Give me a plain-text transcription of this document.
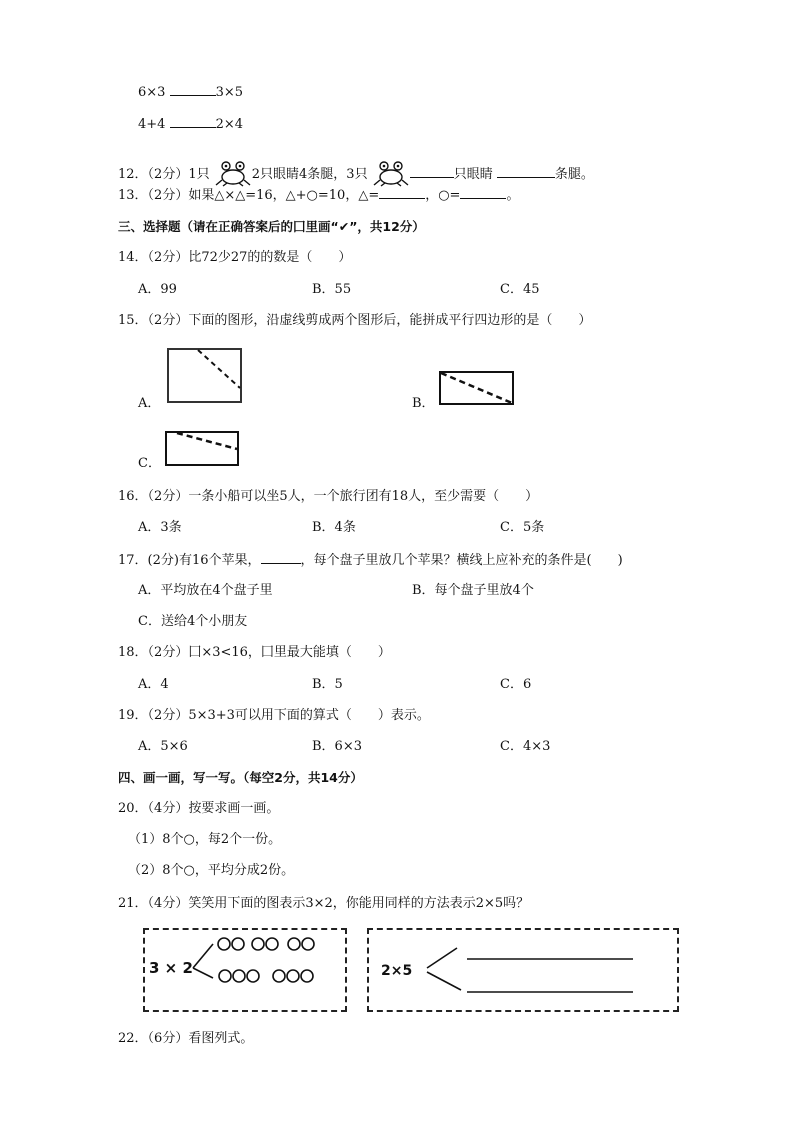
6×3	3×5
4+4	2×4
12．（2分）1只	2只眼睛4条腿，3只	只眼睛	条腿。
13．（2分）如果△×△=16，△+○=10，△=	，○=	。
三、选择题（请在正确答案后的囗里画“✔”，共12分）
14．（2分）比72少27的的数是（　　）
A．99	B．55	C．45
15．（2分）下面的图形，沿虚线剪成两个图形后，能拼成平行四边形的是（　　）
A．	B．
C．
16．（2分）一条小船可以坐5人，一个旅行团有18人，至少需要（　　）
A．3条	B．4条	C．5条
17．(2分)有16个苹果，	，每个盘子里放几个苹果？横线上应补充的条件是(　　)
A．平均放在4个盘子里	B．每个盘子里放4个
C．送给4个小朋友
18．（2分）囗×3<16，囗里最大能填（　　）
A．4	B．5	C．6
19．（2分）5×3+3可以用下面的算式（　　）表示。
A．5×6	B．6×3	C．4×3
四、画一画，写一写。（每空2分，共14分）
20．（4分）按要求画一画。
（1）8个○，每2个一份。
（2）8个○，平均分成2份。
21．（4分）笑笑用下面的图表示3×2，你能用同样的方法表示2×5吗？
3 × 2	2×5
22．（6分）看图列式。
